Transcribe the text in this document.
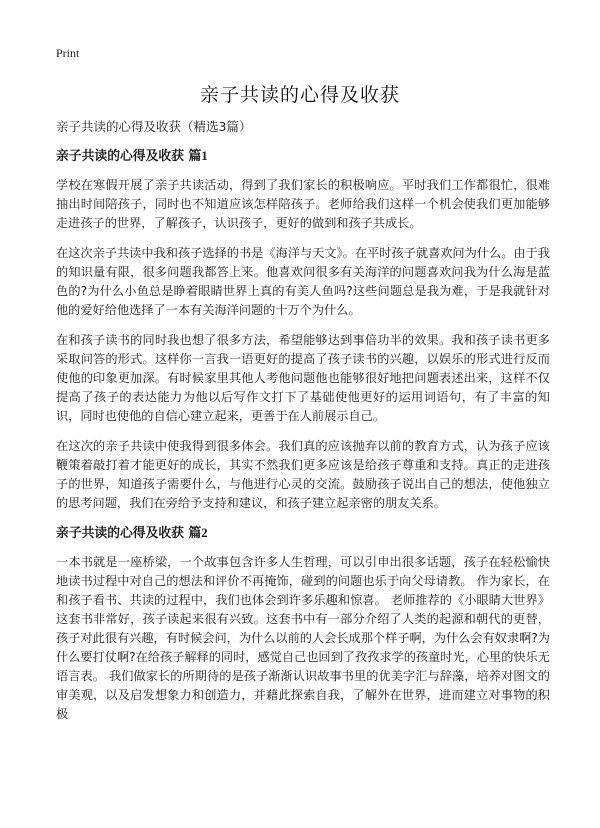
Print
亲子共读的心得及收获

亲子共读的心得及收获（精选3篇）

亲子共读的心得及收获 篇1

学校在寒假开展了亲子共读活动，得到了我们家长的积极响应。平时我们工作都很忙，很难抽出时间陪孩子，同时也不知道应该怎样陪孩子。老师给我们这样一个机会使我们更加能够走进孩子的世界，了解孩子，认识孩子，更好的做到和孩子共成长。

在这次亲子共读中我和孩子选择的书是《海洋与天文》。在平时孩子就喜欢问为什么。由于我的知识量有限，很多问题我都答上来。他喜欢问很多有关海洋的问题喜欢问我为什么海是蓝色的?为什么小鱼总是睁着眼睛世界上真的有美人鱼吗?这些问题总是我为难，于是我就针对他的爱好给他选择了一本有关海洋问题的十万个为什么。

在和孩子读书的同时我也想了很多方法，希望能够达到事倍功半的效果。我和孩子读书更多采取问答的形式。这样你一言我一语更好的提高了孩子读书的兴趣，以娱乐的形式进行反而使他的印象更加深。有时候家里其他人考他问题他也能够很好地把问题表述出来，这样不仅提高了孩子的表达能力为他以后写作文打下了基础使他更好的运用词语句，有了丰富的知识，同时也使他的自信心建立起来，更善于在人前展示自己。

在这次的亲子共读中使我得到很多体会。我们真的应该抛弃以前的教育方式，认为孩子应该鞭策着敲打着才能更好的成长，其实不然我们更多应该是给孩子尊重和支持。真正的走进孩子的世界，知道孩子需要什么，与他进行心灵的交流。鼓励孩子说出自己的想法，使他独立的思考问题，我们在旁给予支持和建议，和孩子建立起亲密的朋友关系。

亲子共读的心得及收获 篇2

一本书就是一座桥梁，一个故事包含许多人生哲理，可以引申出很多话题，孩子在轻松愉快地读书过程中对自己的想法和评价不再掩饰，碰到的问题也乐于向父母请教。 作为家长，在和孩子看书、共读的过程中，我们也体会到许多乐趣和惊喜。 老师推荐的《小眼睛大世界》这套书非常好，孩子读起来很有兴致。这套书中有一部分介绍了人类的起源和朝代的更替，孩子对此很有兴趣，有时候会问，为什么以前的人会长成那个样子啊，为什么会有奴隶啊?为什么要打仗啊?在给孩子解释的同时，感觉自己也回到了孜孜求学的孩童时光，心里的快乐无语言表。 我们做家长的所期待的是孩子渐渐认识故事书里的优美字汇与辞藻，培养对图文的审美观，以及启发想象力和创造力，并藉此探索自我，了解外在世界，进而建立对事物的积极
